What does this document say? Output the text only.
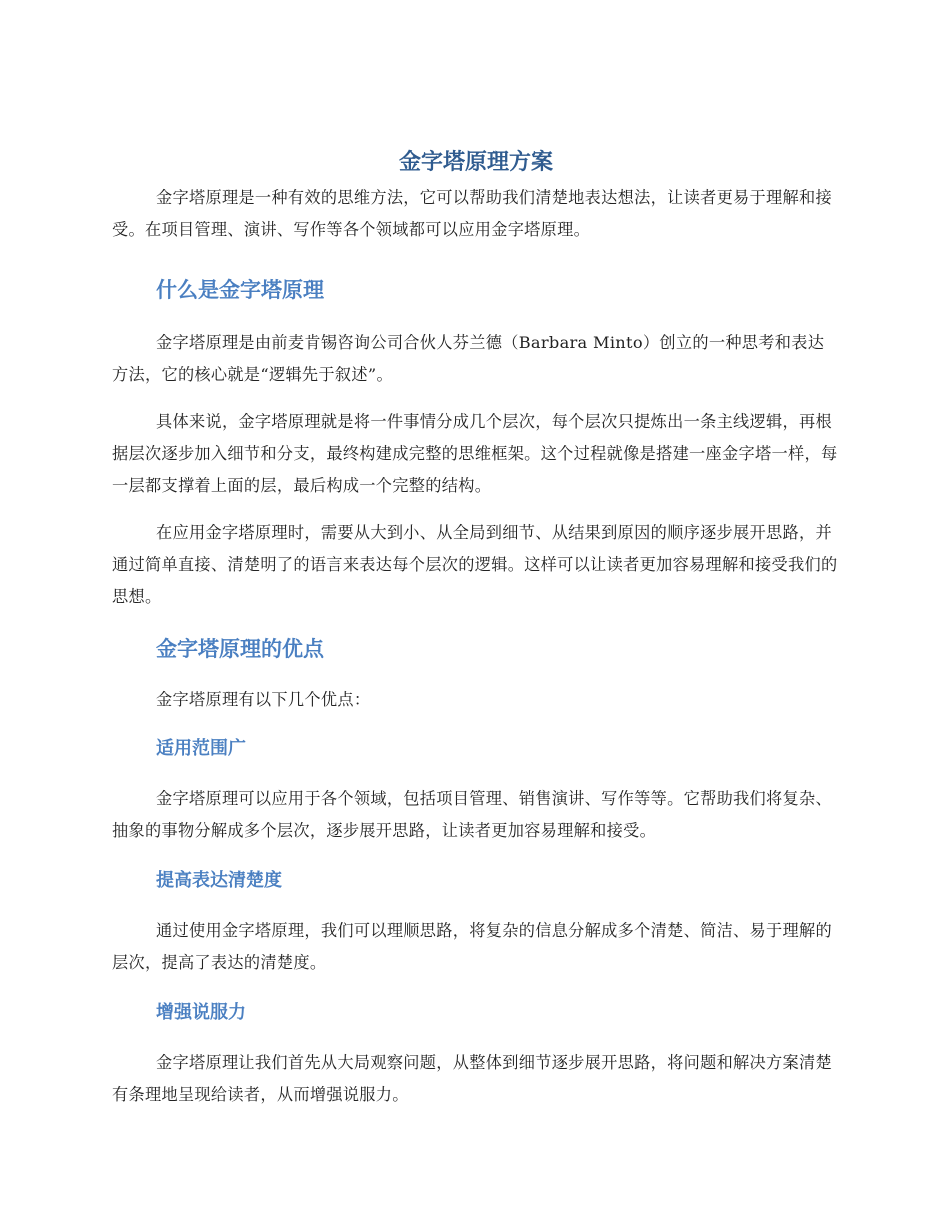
金字塔原理方案

金字塔原理是一种有效的思维方法，它可以帮助我们清楚地表达想法，让读者更易于理解和接受。在项目管理、演讲、写作等各个领域都可以应用金字塔原理。

什么是金字塔原理

金字塔原理是由前麦肯锡咨询公司合伙人芬兰德（Barbara Minto）创立的一种思考和表达方法，它的核心就是“逻辑先于叙述”。

具体来说，金字塔原理就是将一件事情分成几个层次，每个层次只提炼出一条主线逻辑，再根据层次逐步加入细节和分支，最终构建成完整的思维框架。这个过程就像是搭建一座金字塔一样，每一层都支撑着上面的层，最后构成一个完整的结构。

在应用金字塔原理时，需要从大到小、从全局到细节、从结果到原因的顺序逐步展开思路，并通过简单直接、清楚明了的语言来表达每个层次的逻辑。这样可以让读者更加容易理解和接受我们的思想。

金字塔原理的优点

金字塔原理有以下几个优点：

适用范围广

金字塔原理可以应用于各个领域，包括项目管理、销售演讲、写作等等。它帮助我们将复杂、抽象的事物分解成多个层次，逐步展开思路，让读者更加容易理解和接受。

提高表达清楚度

通过使用金字塔原理，我们可以理顺思路，将复杂的信息分解成多个清楚、简洁、易于理解的层次，提高了表达的清楚度。

增强说服力

金字塔原理让我们首先从大局观察问题，从整体到细节逐步展开思路，将问题和解决方案清楚有条理地呈现给读者，从而增强说服力。
